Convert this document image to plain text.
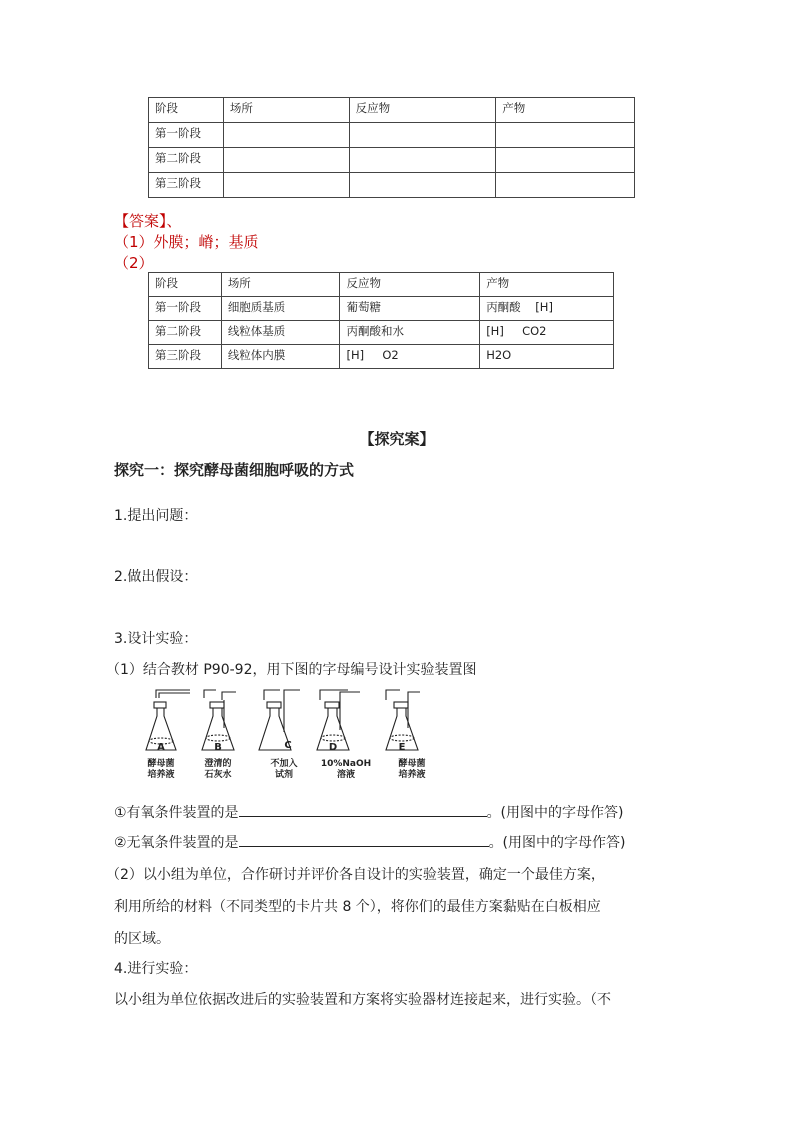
阶段	场所	反应物	产物
第一阶段			
第二阶段			
第三阶段			
【答案】、
（1）外膜；嵴；基质
（2）
阶段	场所	反应物	产物
第一阶段	细胞质基质	葡萄糖	丙酮酸    [H]
第二阶段	线粒体基质	丙酮酸和水	[H]     CO2
第三阶段	线粒体内膜	[H]     O2	H2O
【探究案】
探究一：探究酵母菌细胞呼吸的方式
1.提出问题：
2.做出假设：
3.设计实验：
（1）结合教材 P90-92，用下图的字母编号设计实验装置图
A	B	C	D	E
酵母菌
培养液
澄清的
石灰水
不加入
试剂
10%NaOH
溶液
酵母菌
培养液
①有氧条件装置的是	。(用图中的字母作答)
②无氧条件装置的是	。(用图中的字母作答)
（2）以小组为单位，合作研讨并评价各自设计的实验装置，确定一个最佳方案，
利用所给的材料（不同类型的卡片共 8 个），将你们的最佳方案黏贴在白板相应
的区域。
4.进行实验：
以小组为单位依据改进后的实验装置和方案将实验器材连接起来，进行实验。（不
